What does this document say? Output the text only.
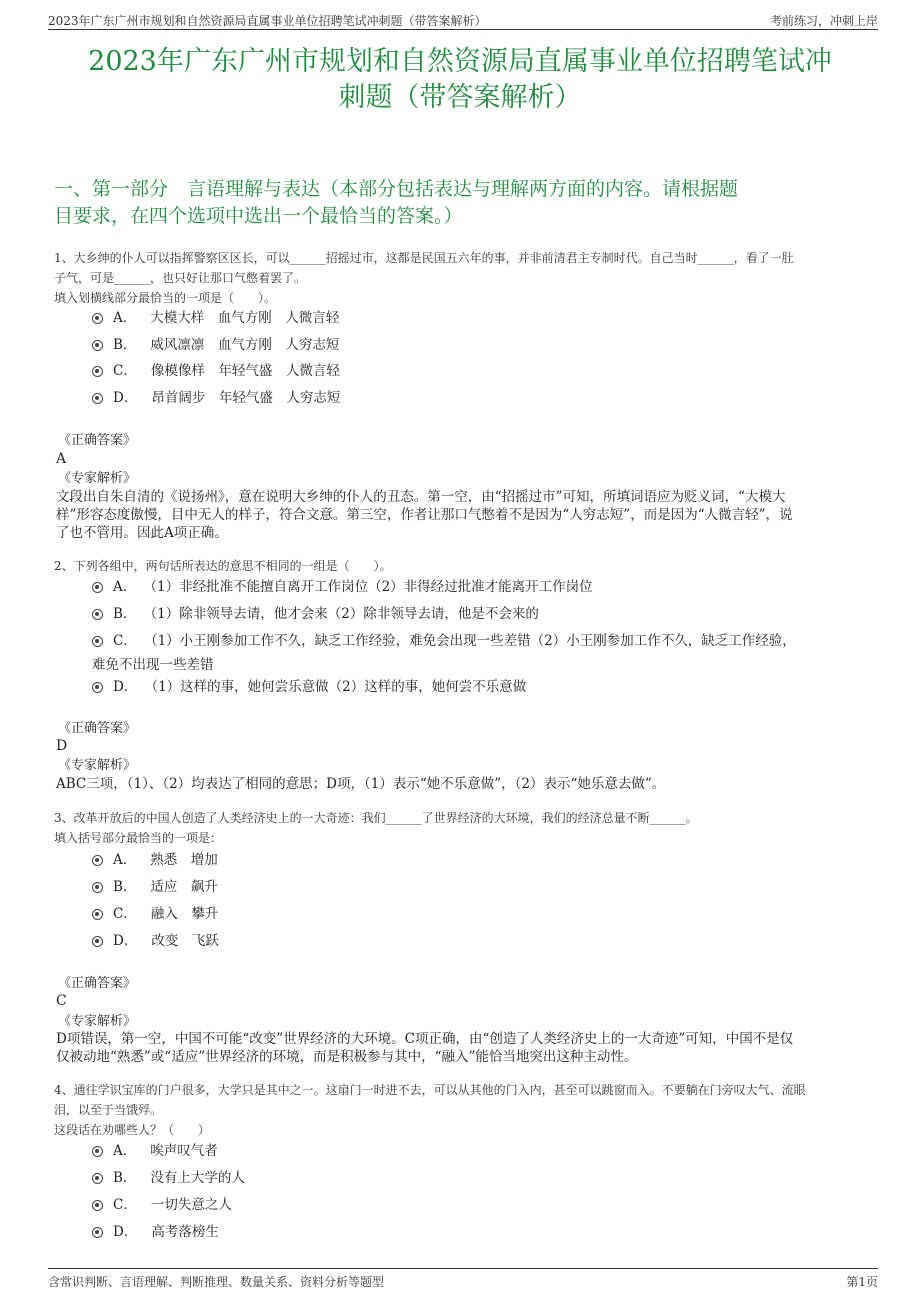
2023年广东广州市规划和自然资源局直属事业单位招聘笔试冲刺题（带答案解析）	考前练习，冲刺上岸
2023年广东广州市规划和自然资源局直属事业单位招聘笔试冲
刺题（带答案解析）
一、第一部分　言语理解与表达（本部分包括表达与理解两方面的内容。请根据题
目要求，在四个选项中选出一个最恰当的答案。）
1、大乡绅的仆人可以指挥警察区区长，可以______招摇过市，这都是民国五六年的事，并非前清君主专制时代。自己当时______，看了一肚
子气，可是______，也只好让那口气憋着罢了。
填入划横线部分最恰当的一项是（　　）。
A． 大模大样　血气方刚　人微言轻
B． 威风凛凛　血气方刚　人穷志短
C． 像模像样　年轻气盛　人微言轻
D． 昂首阔步　年轻气盛　人穷志短
《正确答案》
A
《专家解析》
文段出自朱自清的《说扬州》，意在说明大乡绅的仆人的丑态。第一空，由“招摇过市”可知，所填词语应为贬义词，“大模大
样”形容态度傲慢，目中无人的样子，符合文意。第三空，作者让那口气憋着不是因为“人穷志短”，而是因为“人微言轻”，说
了也不管用。因此A项正确。
2、下列各组中，两句话所表达的意思不相同的一组是（　　）。
A． （1）非经批准不能擅自离开工作岗位（2）非得经过批准才能离开工作岗位
B． （1）除非领导去请，他才会来（2）除非领导去请，他是不会来的
C． （1）小王刚参加工作不久，缺乏工作经验，难免会出现一些差错（2）小王刚参加工作不久，缺乏工作经验，
难免不出现一些差错
D． （1）这样的事，她何尝乐意做（2）这样的事，她何尝不乐意做
《正确答案》
D
《专家解析》
ABC三项，（1）、（2）均表达了相同的意思；D项，（1）表示“她不乐意做”，（2）表示“她乐意去做”。
3、改革开放后的中国人创造了人类经济史上的一大奇迹：我们______了世界经济的大环境，我们的经济总量不断______。
填入括号部分最恰当的一项是：
A． 熟悉　增加
B． 适应　飙升
C． 融入　攀升
D． 改变　飞跃
《正确答案》
C
《专家解析》
D项错误，第一空，中国不可能“改变”世界经济的大环境。C项正确，由“创造了人类经济史上的一大奇迹”可知，中国不是仅
仅被动地“熟悉”或“适应”世界经济的环境，而是积极参与其中，“融入”能恰当地突出这种主动性。
4、通往学识宝库的门户很多，大学只是其中之一。这扇门一时进不去，可以从其他的门入内，甚至可以跳窗而入。不要躺在门旁叹大气、流眼
泪，以至于当饿殍。
这段话在劝哪些人？（　　）
A． 唉声叹气者
B． 没有上大学的人
C． 一切失意之人
D． 高考落榜生
含常识判断、言语理解、判断推理、数量关系、资料分析等题型	第1页
